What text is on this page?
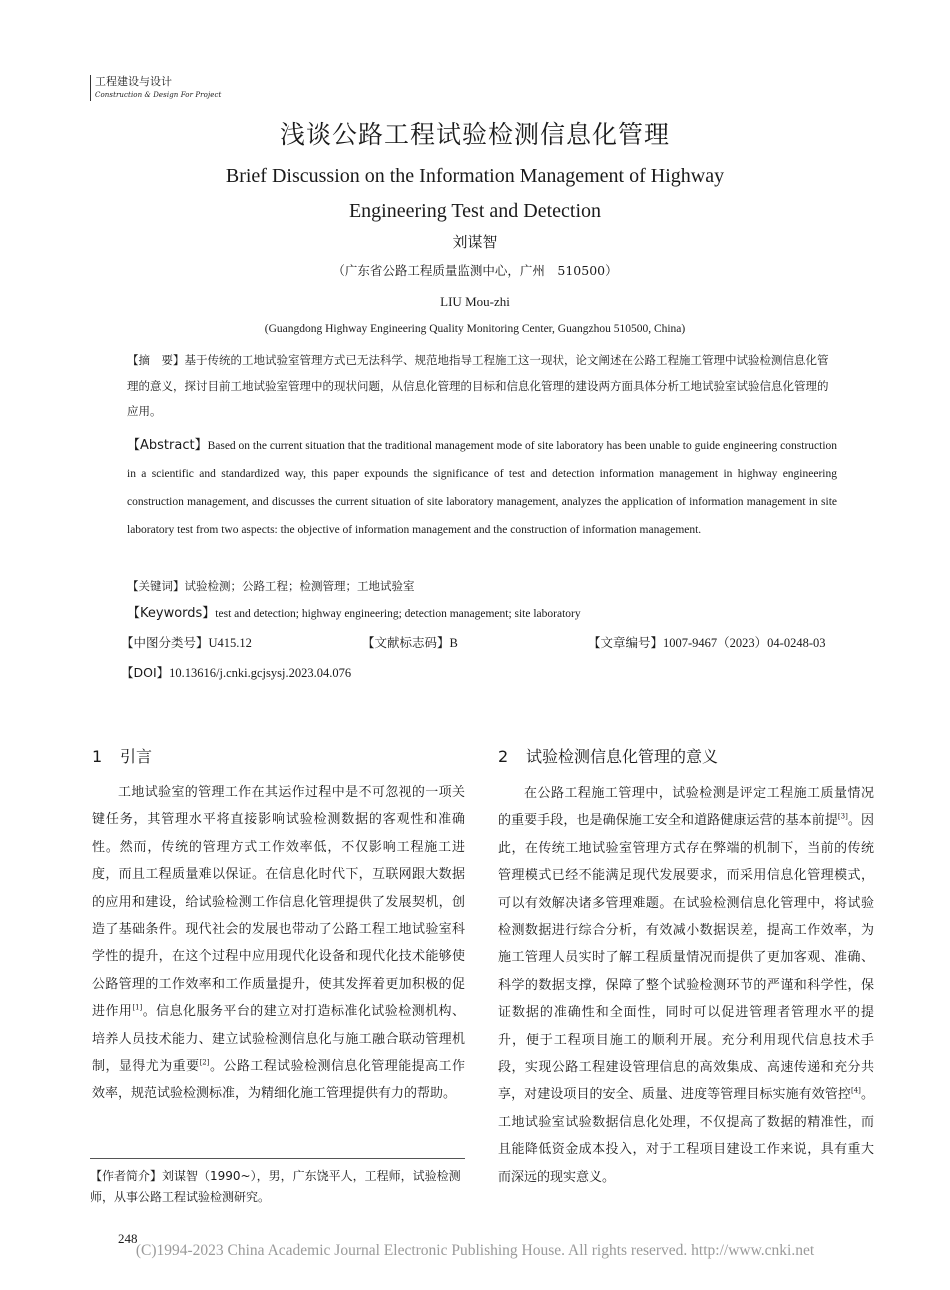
工程建设与设计
Construction & Design For Project
浅谈公路工程试验检测信息化管理
Brief Discussion on the Information Management of Highway
Engineering Test and Detection
刘谋智
（广东省公路工程质量监测中心，广州　510500）
LIU Mou-zhi
(Guangdong Highway Engineering Quality Monitoring Center, Guangzhou 510500, China)
【摘　要】基于传统的工地试验室管理方式已无法科学、规范地指导工程施工这一现状，论文阐述在公路工程施工管理中试验检测信息化管理的意义，探讨目前工地试验室管理中的现状问题，从信息化管理的目标和信息化管理的建设两方面具体分析工地试验室试验信息化管理的应用。
【Abstract】Based on the current situation that the traditional management mode of site laboratory has been unable to guide engineering construction in a scientific and standardized way, this paper expounds the significance of test and detection information management in highway engineering construction management, and discusses the current situation of site laboratory management, analyzes the application of information management in site laboratory test from two aspects: the objective of information management and the construction of information management.
【关键词】试验检测；公路工程；检测管理；工地试验室
【Keywords】test and detection; highway engineering; detection management; site laboratory
【中图分类号】U415.12	【文献标志码】B	【文章编号】1007-9467（2023）04-0248-03
【DOI】10.13616/j.cnki.gcjsysj.2023.04.076
1 引言

工地试验室的管理工作在其运作过程中是不可忽视的一项关键任务，其管理水平将直接影响试验检测数据的客观性和准确性。然而，传统的管理方式工作效率低，不仅影响工程施工进度，而且工程质量难以保证。在信息化时代下，互联网跟大数据的应用和建设，给试验检测工作信息化管理提供了发展契机，创造了基础条件。现代社会的发展也带动了公路工程工地试验室科学性的提升，在这个过程中应用现代化设备和现代化技术能够使公路管理的工作效率和工作质量提升，使其发挥着更加积极的促进作用[1]。信息化服务平台的建立对打造标准化试验检测机构、培养人员技术能力、建立试验检测信息化与施工融合联动管理机制，显得尤为重要[2]。公路工程试验检测信息化管理能提高工作效率，规范试验检测标准，为精细化施工管理提供有力的帮助。

2 试验检测信息化管理的意义

在公路工程施工管理中，试验检测是评定工程施工质量情况的重要手段，也是确保施工安全和道路健康运营的基本前提[3]。因此，在传统工地试验室管理方式存在弊端的机制下，当前的传统管理模式已经不能满足现代发展要求，而采用信息化管理模式，可以有效解决诸多管理难题。在试验检测信息化管理中，将试验检测数据进行综合分析，有效减小数据误差，提高工作效率，为施工管理人员实时了解工程质量情况而提供了更加客观、准确、科学的数据支撑，保障了整个试验检测环节的严谨和科学性，保证数据的准确性和全面性，同时可以促进管理者管理水平的提升，便于工程项目施工的顺利开展。充分利用现代信息技术手段，实现公路工程建设管理信息的高效集成、高速传递和充分共享，对建设项目的安全、质量、进度等管理目标实施有效管控[4]。工地试验室试验数据信息化处理，不仅提高了数据的精准性，而且能降低资金成本投入，对于工程项目建设工作来说，具有重大而深远的现实意义。

【作者简介】刘谋智（1990~），男，广东饶平人，工程师，试验检测师，从事公路工程试验检测研究。
248
(C)1994-2023 China Academic Journal Electronic Publishing House. All rights reserved. http://www.cnki.net
